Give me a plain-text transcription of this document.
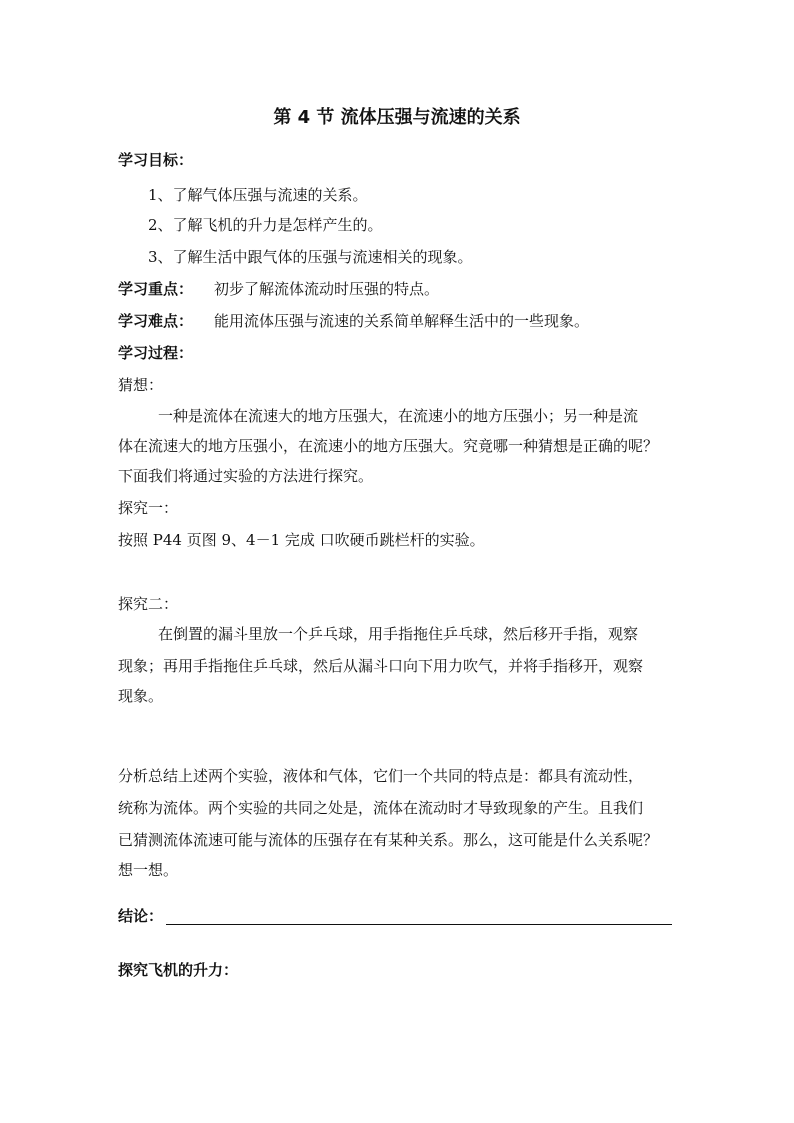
第 4 节 流体压强与流速的关系
学习目标：
1、了解气体压强与流速的关系。
2、了解飞机的升力是怎样产生的。
3、了解生活中跟气体的压强与流速相关的现象。
学习重点： 初步了解流体流动时压强的特点。
学习难点： 能用流体压强与流速的关系简单解释生活中的一些现象。
学习过程：
猜想：
一种是流体在流速大的地方压强大，在流速小的地方压强小；另一种是流
体在流速大的地方压强小，在流速小的地方压强大。究竟哪一种猜想是正确的呢？
下面我们将通过实验的方法进行探究。
探究一：
按照 P44 页图 9、4－1 完成 口吹硬币跳栏杆的实验。
探究二：
在倒置的漏斗里放一个乒乓球，用手指拖住乒乓球，然后移开手指，观察
现象；再用手指拖住乒乓球，然后从漏斗口向下用力吹气，并将手指移开，观察
现象。
分析总结上述两个实验，液体和气体，它们一个共同的特点是：都具有流动性，
统称为流体。两个实验的共同之处是，流体在流动时才导致现象的产生。且我们
已猜测流体流速可能与流体的压强存在有某种关系。那么，这可能是什么关系呢？
想一想。
结论：
探究飞机的升力：
